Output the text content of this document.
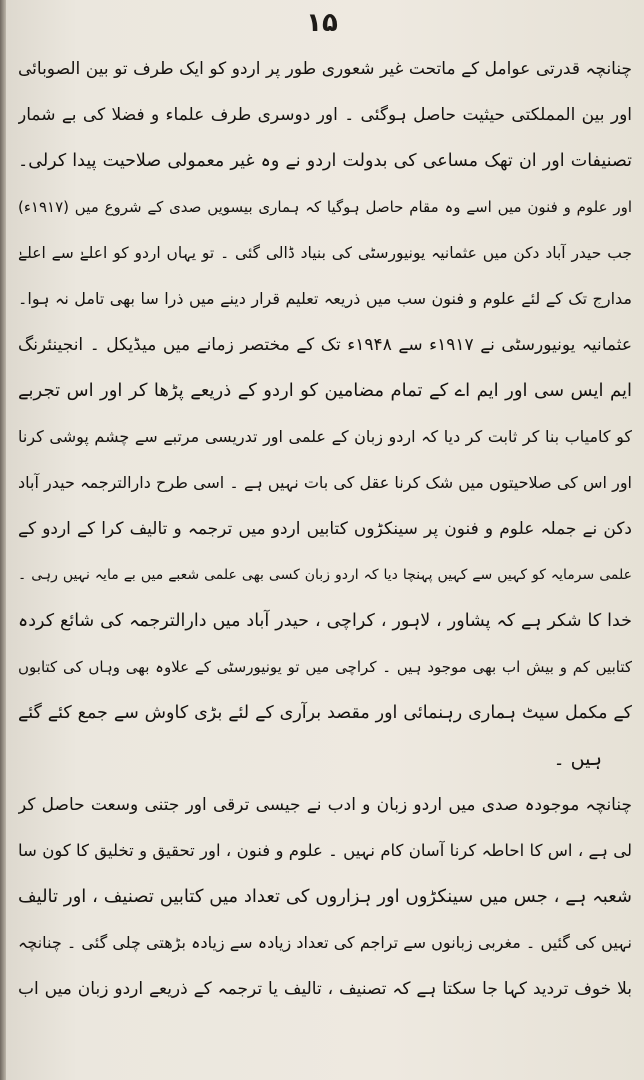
۱۵
چنانچہ قدرتی عوامل کے ماتحت غیر شعوری طور پر اردو کو ایک طرف تو بین الصوبائی
اور بین المملکتی حیثیت حاصل ہوگئی ۔ اور دوسری طرف علماء و فضلا کی بے شمار
تصنیفات اور ان تھک مساعی کی بدولت اردو نے وہ غیر معمولی صلاحیت پیدا کرلی۔
اور علوم و فنون میں اسے وہ مقام حاصل ہوگیا کہ ہماری بیسویں صدی کے شروع میں (۱۹۱۷ء)
جب حیدر آباد دکن میں عثمانیہ یونیورسٹی کی بنیاد ڈالی گئی ۔ تو یہاں اردو کو اعلےٰ سے اعلےٰ
مدارج تک کے لئے علوم و فنون سب میں ذریعہ تعلیم قرار دینے میں ذرا سا بھی تامل نہ ہوا۔
عثمانیہ یونیورسٹی نے ۱۹۱۷ء سے ۱۹۴۸ء تک کے مختصر زمانے میں میڈیکل ۔ انجینئرنگ
ایم ایس سی اور ایم اے کے تمام مضامین کو اردو کے ذریعے پڑھا کر اور اس تجربے
کو کامیاب بنا کر ثابت کر دیا کہ اردو زبان کے علمی اور تدریسی مرتبے سے چشم پوشی کرنا
اور اس کی صلاحیتوں میں شک کرنا عقل کی بات نہیں ہے ۔ اسی طرح دارالترجمہ حیدر آباد
دکن نے جملہ علوم و فنون پر سینکڑوں کتابیں اردو میں ترجمہ و تالیف کرا کے اردو کے
علمی سرمایہ کو کہیں سے کہیں پہنچا دیا کہ اردو زبان کسی بھی علمی شعبے میں بے مایہ نہیں رہی ۔
خدا کا شکر ہے کہ پشاور ، لاہور ، کراچی ، حیدر آباد میں دارالترجمہ کی شائع کردہ
کتابیں کم و بیش اب بھی موجود ہیں ۔ کراچی میں تو یونیورسٹی کے علاوہ بھی وہاں کی کتابوں
کے مکمل سیٹ ہماری رہنمائی اور مقصد برآری کے لئے بڑی کاوش سے جمع کئے گئے
ہیں ۔
چنانچہ موجودہ صدی میں اردو زبان و ادب نے جیسی ترقی اور جتنی وسعت حاصل کر
لی ہے ، اس کا احاطہ کرنا آسان کام نہیں ۔ علوم و فنون ، اور تحقیق و تخلیق کا کون سا
شعبہ ہے ، جس میں سینکڑوں اور ہزاروں کی تعداد میں کتابیں تصنیف ، اور تالیف
نہیں کی گئیں ۔ مغربی زبانوں سے تراجم کی تعداد زیادہ سے زیادہ بڑھتی چلی گئی ۔ چنانچہ
بلا خوف تردید کہا جا سکتا ہے کہ تصنیف ، تالیف یا ترجمہ کے ذریعے اردو زبان میں اب
